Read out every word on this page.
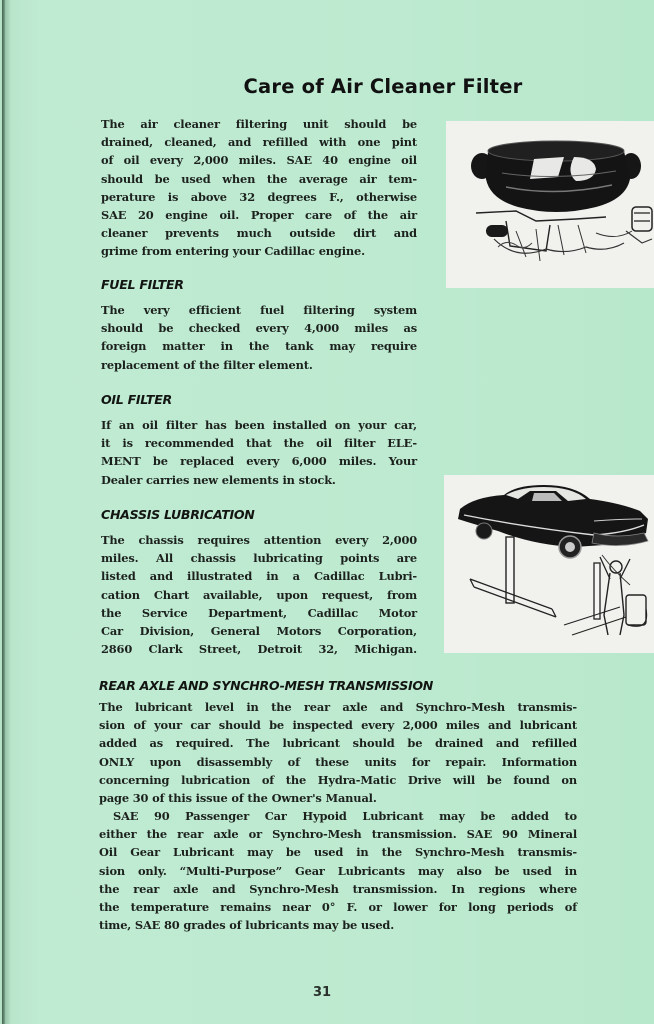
Care of Air Cleaner Filter
The air cleaner filtering unit should be
drained, cleaned, and refilled with one pint
of oil every 2,000 miles. SAE 40 engine oil
should be used when the average air tem-
perature is above 32 degrees F., otherwise
SAE 20 engine oil. Proper care of the air
cleaner prevents much outside dirt and
grime from entering your Cadillac engine.
FUEL FILTER
The very efficient fuel filtering system
should be checked every 4,000 miles as
foreign matter in the tank may require
replacement of the filter element.
OIL FILTER
If an oil filter has been installed on your car,
it is recommended that the oil filter ELE-
MENT be replaced every 6,000 miles. Your
Dealer carries new elements in stock.
CHASSIS LUBRICATION
The chassis requires attention every 2,000
miles. All chassis lubricating points are
listed and illustrated in a Cadillac Lubri-
cation Chart available, upon request, from
the Service Department, Cadillac Motor
Car Division, General Motors Corporation,
2860 Clark Street, Detroit 32, Michigan.
REAR AXLE AND SYNCHRO-MESH TRANSMISSION
The lubricant level in the rear axle and Synchro-Mesh transmis-
sion of your car should be inspected every 2,000 miles and lubricant
added as required. The lubricant should be drained and refilled
ONLY upon disassembly of these units for repair. Information
concerning lubrication of the Hydra-Matic Drive will be found on
page 30 of this issue of the Owner's Manual.
SAE 90 Passenger Car Hypoid Lubricant may be added to
either the rear axle or Synchro-Mesh transmission. SAE 90 Mineral
Oil Gear Lubricant may be used in the Synchro-Mesh transmis-
sion only. “Multi-Purpose” Gear Lubricants may also be used in
the rear axle and Synchro-Mesh transmission. In regions where
the temperature remains near 0° F. or lower for long periods of
time, SAE 80 grades of lubricants may be used.
31
